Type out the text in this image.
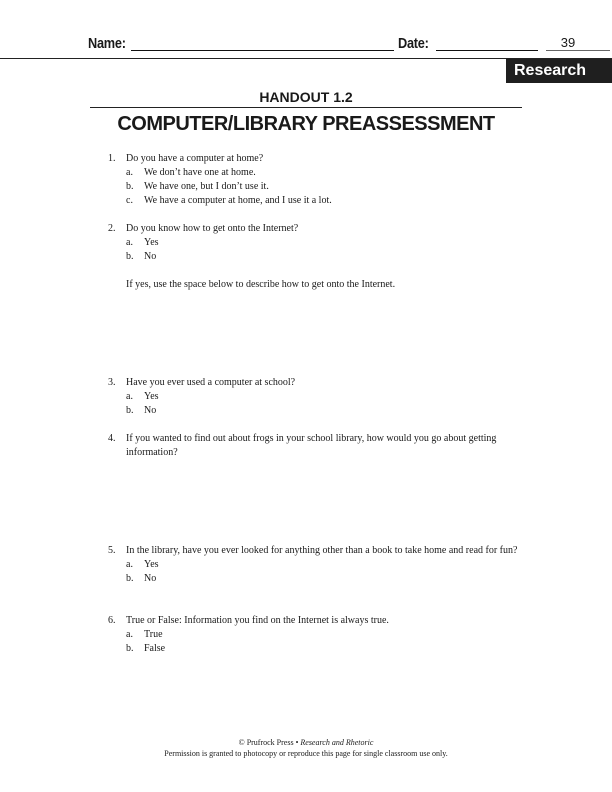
Name:	Date:	39
Research
HANDOUT 1.2
COMPUTER/LIBRARY PREASSESSMENT
1. Do you have a computer at home?
a. We don’t have one at home.
b. We have one, but I don’t use it.
c. We have a computer at home, and I use it a lot.
2. Do you know how to get onto the Internet?
a. Yes
b. No
If yes, use the space below to describe how to get onto the Internet.
3. Have you ever used a computer at school?
a. Yes
b. No
4. If you wanted to find out about frogs in your school library, how would you go about getting information?
5. In the library, have you ever looked for anything other than a book to take home and read for fun?
a. Yes
b. No
6. True or False: Information you find on the Internet is always true.
a. True
b. False
© Prufrock Press • Research and Rhetoric
Permission is granted to photocopy or reproduce this page for single classroom use only.
